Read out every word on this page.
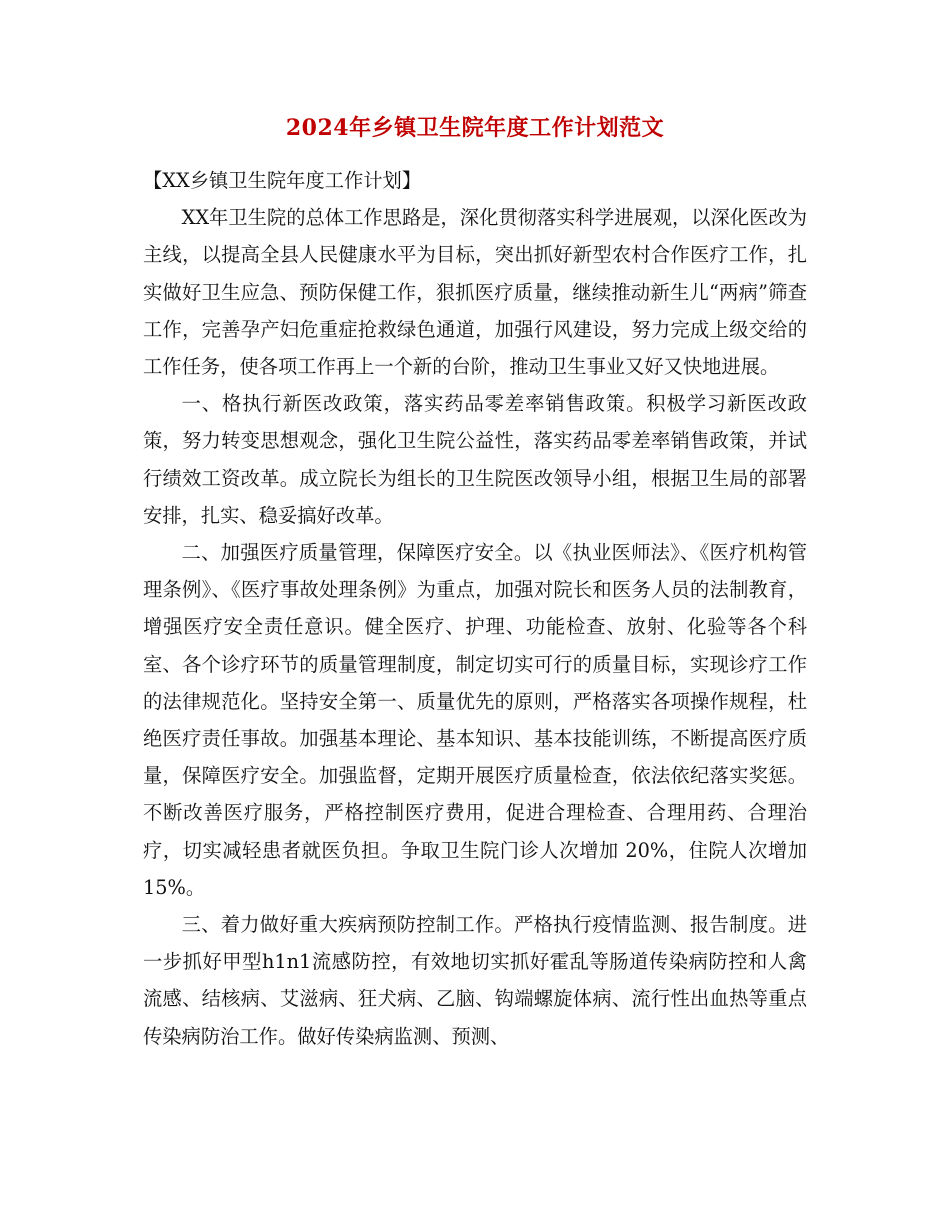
2024年乡镇卫生院年度工作计划范文

【XX乡镇卫生院年度工作计划】

XX年卫生院的总体工作思路是，深化贯彻落实科学进展观，以深化医改为主线，以提高全县人民健康水平为目标，突出抓好新型农村合作医疗工作，扎实做好卫生应急、预防保健工作，狠抓医疗质量，继续推动新生儿“两病”筛查工作，完善孕产妇危重症抢救绿色通道，加强行风建设，努力完成上级交给的工作任务，使各项工作再上一个新的台阶，推动卫生事业又好又快地进展。

一、格执行新医改政策，落实药品零差率销售政策。积极学习新医改政策，努力转变思想观念，强化卫生院公益性，落实药品零差率销售政策，并试行绩效工资改革。成立院长为组长的卫生院医改领导小组，根据卫生局的部署安排，扎实、稳妥搞好改革。

二、加强医疗质量管理，保障医疗安全。以《执业医师法》、《医疗机构管理条例》、《医疗事故处理条例》为重点，加强对院长和医务人员的法制教育，增强医疗安全责任意识。健全医疗、护理、功能检查、放射、化验等各个科室、各个诊疗环节的质量管理制度，制定切实可行的质量目标，实现诊疗工作的法律规范化。坚持安全第一、质量优先的原则，严格落实各项操作规程，杜绝医疗责任事故。加强基本理论、基本知识、基本技能训练，不断提高医疗质量，保障医疗安全。加强监督，定期开展医疗质量检查，依法依纪落实奖惩。不断改善医疗服务，严格控制医疗费用，促进合理检查、合理用药、合理治疗，切实减轻患者就医负担。争取卫生院门诊人次增加 20%，住院人次增加15%。

三、着力做好重大疾病预防控制工作。严格执行疫情监测、报告制度。进一步抓好甲型h1n1流感防控，有效地切实抓好霍乱等肠道传染病防控和人禽流感、结核病、艾滋病、狂犬病、乙脑、钩端螺旋体病、流行性出血热等重点传染病防治工作。做好传染病监测、预测、
